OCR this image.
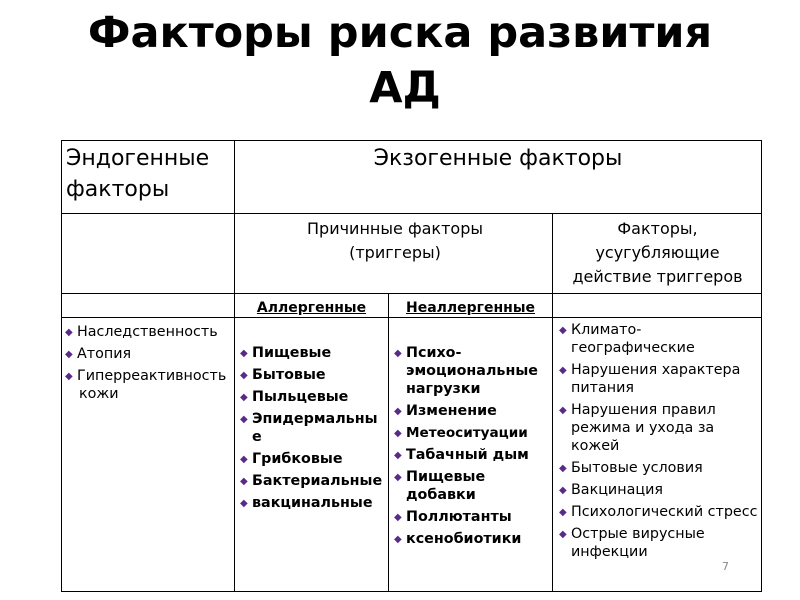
Факторы риска развития
АД
Эндогенные факторы
Экзогенные факторы
Причинные факторы (триггеры)
Факторы, усугубляющие действие триггеров
Аллергенные	Неаллергенные
◆ Наследственность
◆ Атопия
◆ Гиперреактивность
кожи
◆ Пищевые
◆ Бытовые
◆ Пыльцевые
◆ Эпидермальные
◆ Грибковые
◆ Бактериальные
◆ вакцинальные
◆ Психо-эмоциональные нагрузки
◆ Изменение
◆ Метеоситуации
◆ Табачный дым
◆ Пищевые добавки
◆ Поллютанты
◆ ксенобиотики
◆ Климато-географические
◆ Нарушения характера питания
◆ Нарушения правил режима и ухода за кожей
◆ Бытовые условия
◆ Вакцинация
◆ Психологический стресс
◆ Острые вирусные инфекции
7
